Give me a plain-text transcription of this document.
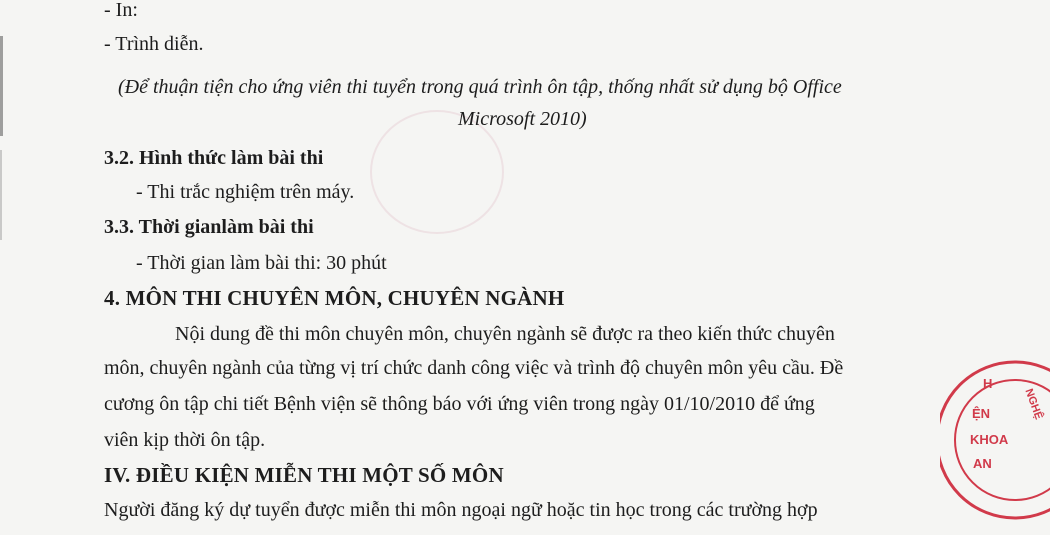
- In:
- Trình diễn.
(Để thuận tiện cho ứng viên thi tuyển trong quá trình ôn tập, thống nhất sử dụng bộ Office
Microsoft 2010)
3.2. Hình thức làm bài thi
- Thi trắc nghiệm trên máy.
3.3. Thời gianlàm bài thi
- Thời gian làm bài thi: 30 phút
4. MÔN THI CHUYÊN MÔN, CHUYÊN NGÀNH
Nội dung đề thi môn chuyên môn, chuyên ngành sẽ được ra theo kiến thức chuyên
môn, chuyên ngành của từng vị trí chức danh công việc và trình độ chuyên môn yêu cầu. Đề
cương ôn tập chi tiết Bệnh viện sẽ thông báo với ứng viên trong ngày 01/10/2010 để ứng
viên kịp thời ôn tập.
IV. ĐIỀU KIỆN MIỄN THI MỘT SỐ MÔN
Người đăng ký dự tuyển được miễn thi môn ngoại ngữ hoặc tin học trong các trường hợp
H
ỆN	NGHỆ
KHOA
AN
